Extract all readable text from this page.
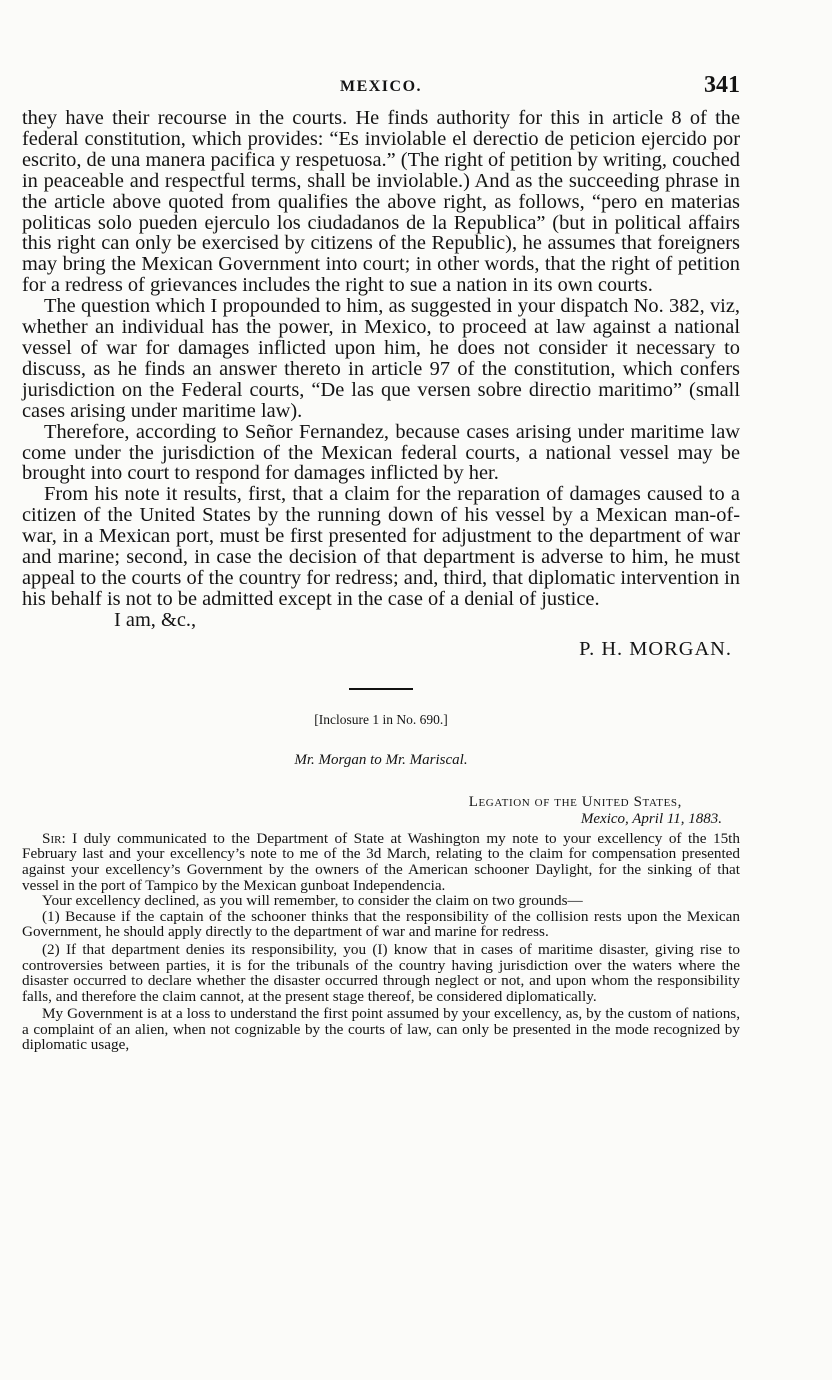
MEXICO.	341

they have their recourse in the courts. He finds authority for this in article 8 of the federal constitution, which provides: “Es inviolable el derectio de peticion ejercido por escrito, de una manera pacifica y respetuosa.” (The right of petition by writing, couched in peaceable and respectful terms, shall be inviolable.) And as the succeeding phrase in the article above quoted from qualifies the above right, as follows, “pero en materias politicas solo pueden ejerculo los ciudadanos de la Republica” (but in political affairs this right can only be exercised by citizens of the Republic), he assumes that foreigners may bring the Mexican Government into court; in other words, that the right of petition for a redress of grievances includes the right to sue a nation in its own courts.

The question which I propounded to him, as suggested in your dispatch No. 382, viz, whether an individual has the power, in Mexico, to proceed at law against a national vessel of war for damages inflicted upon him, he does not consider it necessary to discuss, as he finds an answer thereto in article 97 of the constitution, which confers jurisdiction on the Federal courts, “De las que versen sobre directio maritimo” (small cases arising under maritime law).

Therefore, according to Señor Fernandez, because cases arising under maritime law come under the jurisdiction of the Mexican federal courts, a national vessel may be brought into court to respond for damages inflicted by her.

From his note it results, first, that a claim for the reparation of damages caused to a citizen of the United States by the running down of his vessel by a Mexican man-of-war, in a Mexican port, must be first presented for adjustment to the department of war and marine; second, in case the decision of that department is adverse to him, he must appeal to the courts of the country for redress; and, third, that diplomatic intervention in his behalf is not to be admitted except in the case of a denial of justice.

I am, &c.,
P. H. MORGAN.
[Inclosure 1 in No. 690.]
Mr. Morgan to Mr. Mariscal.
Legation of the United States,
Mexico, April 11, 1883.

Sir: I duly communicated to the Department of State at Washington my note to your excellency of the 15th February last and your excellency’s note to me of the 3d March, relating to the claim for compensation presented against your excellency’s Government by the owners of the American schooner Daylight, for the sinking of that vessel in the port of Tampico by the Mexican gunboat Independencia.

Your excellency declined, as you will remember, to consider the claim on two grounds—

(1) Because if the captain of the schooner thinks that the responsibility of the collision rests upon the Mexican Government, he should apply directly to the department of war and marine for redress.

(2) If that department denies its responsibility, you (I) know that in cases of maritime disaster, giving rise to controversies between parties, it is for the tribunals of the country having jurisdiction over the waters where the disaster occurred to declare whether the disaster occurred through neglect or not, and upon whom the responsibility falls, and therefore the claim cannot, at the present stage thereof, be considered diplomatically.

My Government is at a loss to understand the first point assumed by your excellency, as, by the custom of nations, a complaint of an alien, when not cognizable by the courts of law, can only be presented in the mode recognized by diplomatic usage,
